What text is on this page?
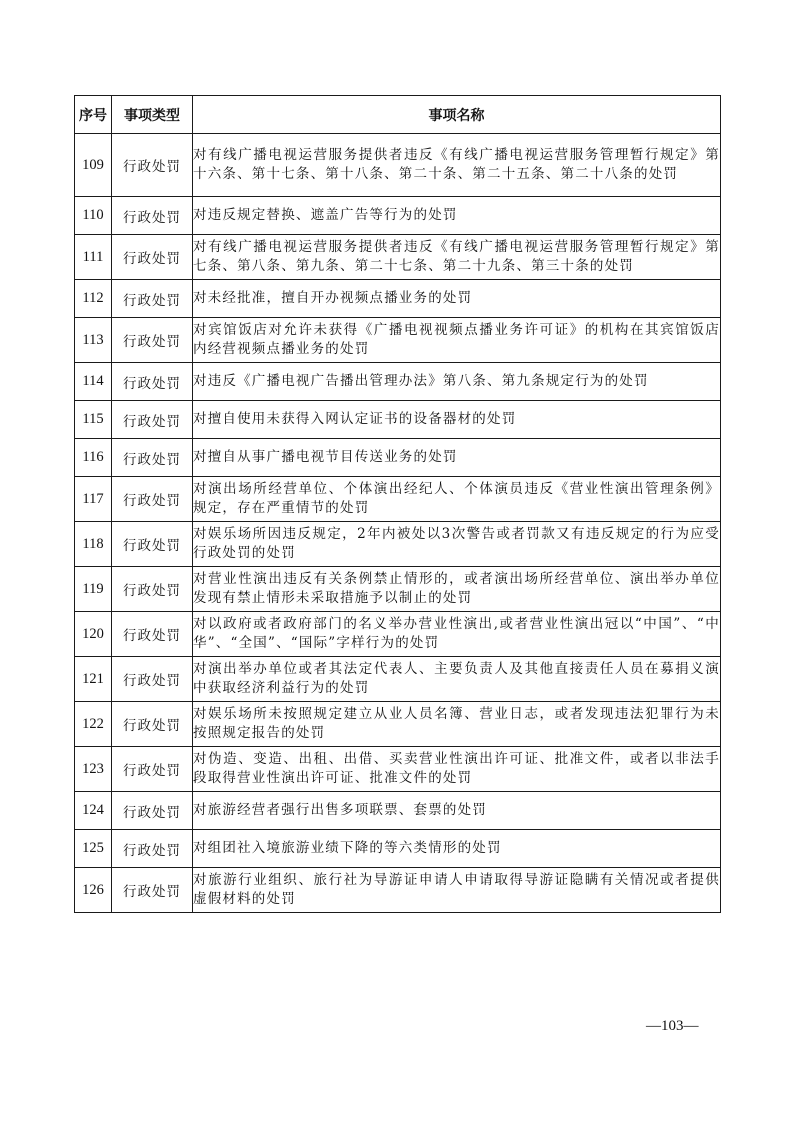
序号	事项类型	事项名称
109	行政处罚	对有线广播电视运营服务提供者违反《有线广播电视运营服务管理暂行规定》第十六条、第十七条、第十八条、第二十条、第二十五条、第二十八条的处罚
110	行政处罚	对违反规定替换、遮盖广告等行为的处罚
111	行政处罚	对有线广播电视运营服务提供者违反《有线广播电视运营服务管理暂行规定》第七条、第八条、第九条、第二十七条、第二十九条、第三十条的处罚
112	行政处罚	对未经批准，擅自开办视频点播业务的处罚
113	行政处罚	对宾馆饭店对允许未获得《广播电视视频点播业务许可证》的机构在其宾馆饭店内经营视频点播业务的处罚
114	行政处罚	对违反《广播电视广告播出管理办法》第八条、第九条规定行为的处罚
115	行政处罚	对擅自使用未获得入网认定证书的设备器材的处罚
116	行政处罚	对擅自从事广播电视节目传送业务的处罚
117	行政处罚	对演出场所经营单位、个体演出经纪人、个体演员违反《营业性演出管理条例》规定，存在严重情节的处罚
118	行政处罚	对娱乐场所因违反规定，2年内被处以3次警告或者罚款又有违反规定的行为应受行政处罚的处罚
119	行政处罚	对营业性演出违反有关条例禁止情形的，或者演出场所经营单位、演出举办单位发现有禁止情形未采取措施予以制止的处罚
120	行政处罚	对以政府或者政府部门的名义举办营业性演出,或者营业性演出冠以“中国”、“中华”、“全国”、“国际”字样行为的处罚
121	行政处罚	对演出举办单位或者其法定代表人、主要负责人及其他直接责任人员在募捐义演中获取经济利益行为的处罚
122	行政处罚	对娱乐场所未按照规定建立从业人员名簿、营业日志，或者发现违法犯罪行为未按照规定报告的处罚
123	行政处罚	对伪造、变造、出租、出借、买卖营业性演出许可证、批准文件，或者以非法手段取得营业性演出许可证、批准文件的处罚
124	行政处罚	对旅游经营者强行出售多项联票、套票的处罚
125	行政处罚	对组团社入境旅游业绩下降的等六类情形的处罚
126	行政处罚	对旅游行业组织、旅行社为导游证申请人申请取得导游证隐瞒有关情况或者提供虚假材料的处罚
—103—
